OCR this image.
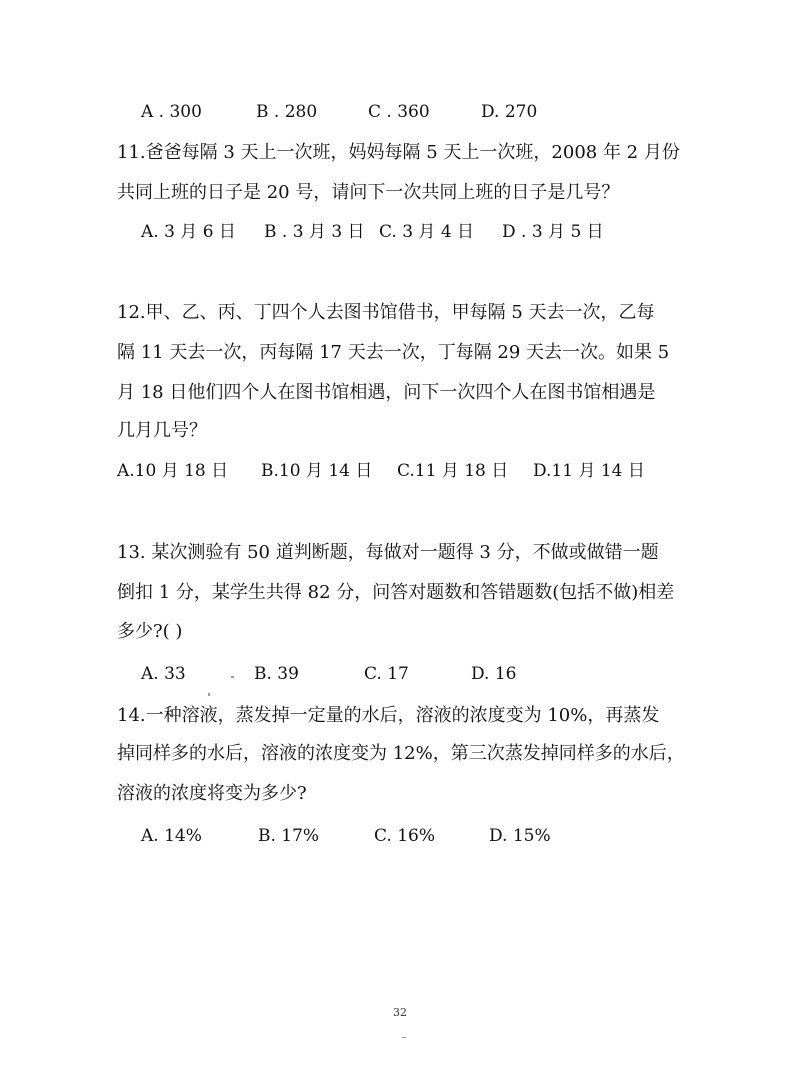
A . 300	B . 280	C . 360	D. 270
11.爸爸每隔 3 天上一次班，妈妈每隔 5 天上一次班，2008 年 2 月份
共同上班的日子是 20 号，请问下一次共同上班的日子是几号？
A. 3 月 6 日 B . 3 月 3 日 C. 3 月 4 日 D . 3 月 5 日
12.甲、乙、丙、丁四个人去图书馆借书，甲每隔 5 天去一次，乙每
隔 11 天去一次，丙每隔 17 天去一次，丁每隔 29 天去一次。如果 5
月 18 日他们四个人在图书馆相遇，问下一次四个人在图书馆相遇是
几月几号？
A.10 月 18 日 B.10 月 14 日 C.11 月 18 日 D.11 月 14 日
13. 某次测验有 50 道判断题，每做对一题得 3 分，不做或做错一题
倒扣 1 分，某学生共得 82 分，问答对题数和答错题数(包括不做)相差
多少?( )
A. 33	B. 39	C. 17	D. 16
14.一种溶液，蒸发掉一定量的水后，溶液的浓度变为 10%，再蒸发
掉同样多的水后，溶液的浓度变为 12%，第三次蒸发掉同样多的水后，
溶液的浓度将变为多少?
A. 14%	B. 17%	C. 16%	D. 15%
32
